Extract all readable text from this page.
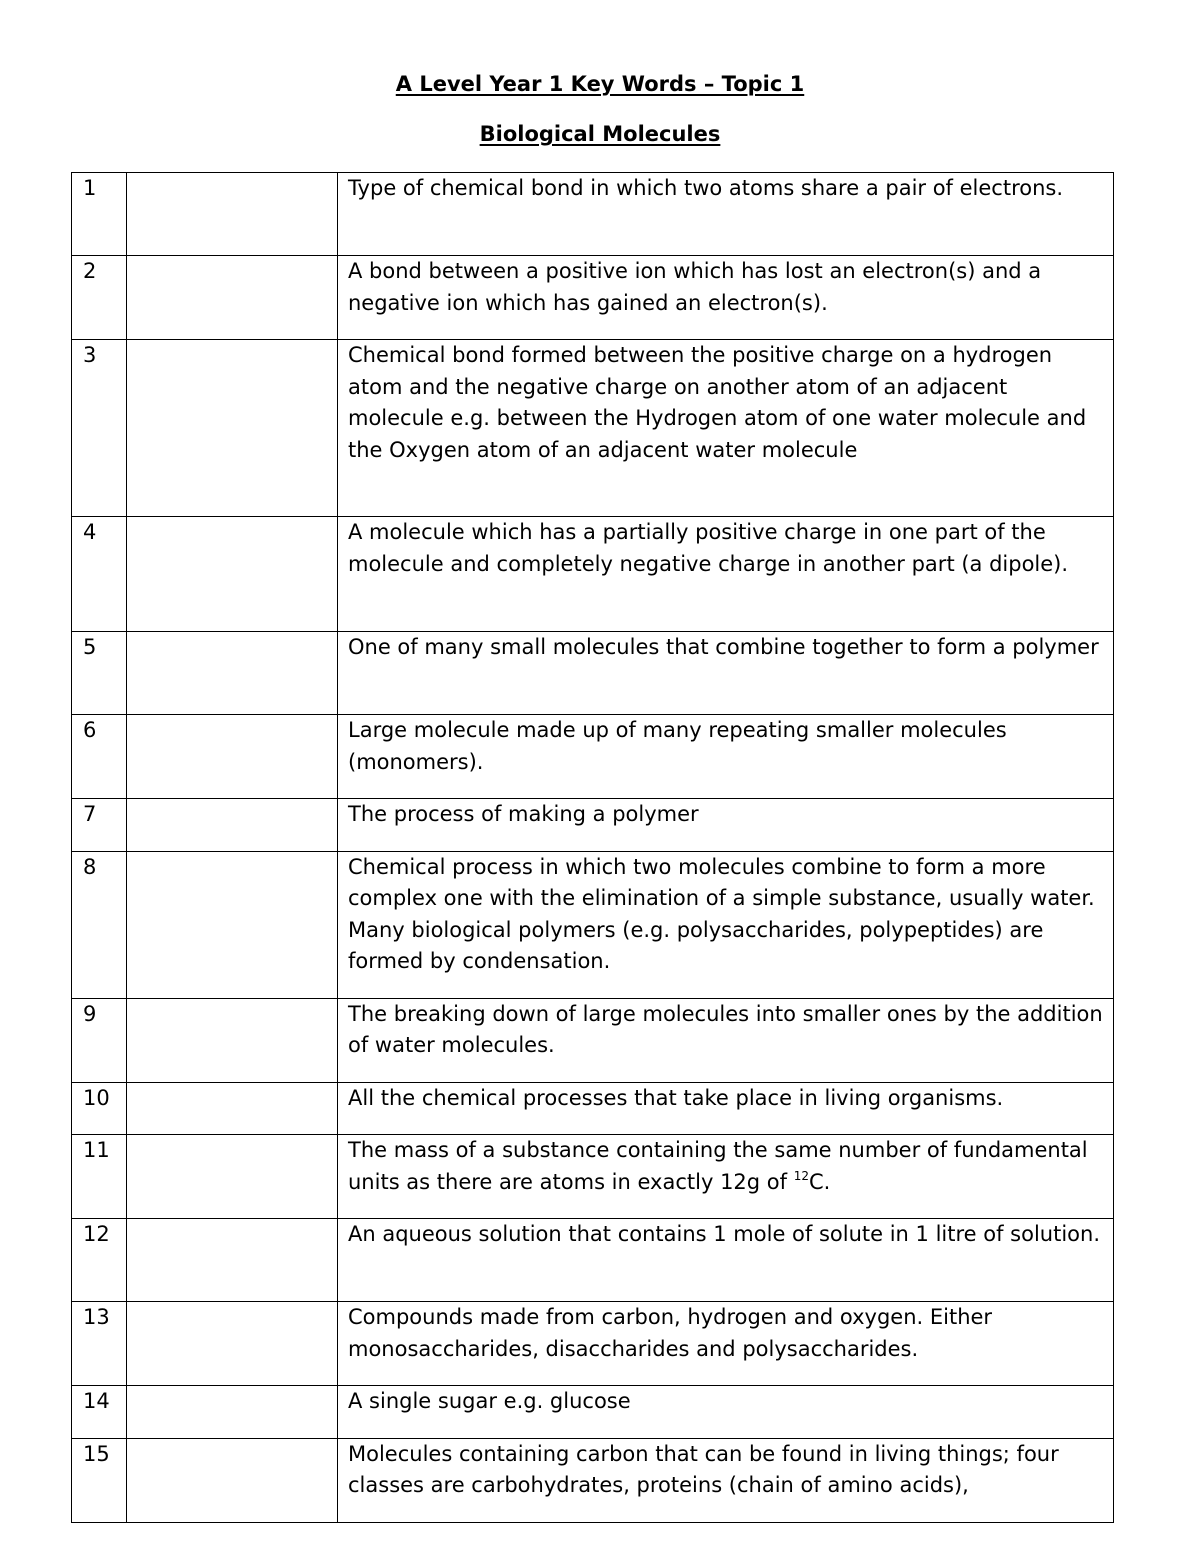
A Level Year 1 Key Words – Topic 1
Biological Molecules
1		Type of chemical bond in which two atoms share a pair of electrons.
2		A bond between a positive ion which has lost an electron(s) and a negative ion which has gained an electron(s).
3		Chemical bond formed between the positive charge on a hydrogen atom and the negative charge on another atom of an adjacent molecule e.g. between the Hydrogen atom of one water molecule and the Oxygen atom of an adjacent water molecule
4		A molecule which has a partially positive charge in one part of the molecule and completely negative charge in another part (a dipole).
5		One of many small molecules that combine together to form a polymer
6		Large molecule made up of many repeating smaller molecules (monomers).
7		The process of making a polymer
8		Chemical process in which two molecules combine to form a more complex one with the elimination of a simple substance, usually water. Many biological polymers (e.g. polysaccharides, polypeptides) are formed by condensation.
9		The breaking down of large molecules into smaller ones by the addition of water molecules.
10		All the chemical processes that take place in living organisms.
11		The mass of a substance containing the same number of fundamental units as there are atoms in exactly 12g of $^{12}$C.
12		An aqueous solution that contains 1 mole of solute in 1 litre of solution.
13		Compounds made from carbon, hydrogen and oxygen. Either monosaccharides, disaccharides and polysaccharides.
14		A single sugar e.g. glucose
15		Molecules containing carbon that can be found in living things; four classes are carbohydrates, proteins (chain of amino acids),
